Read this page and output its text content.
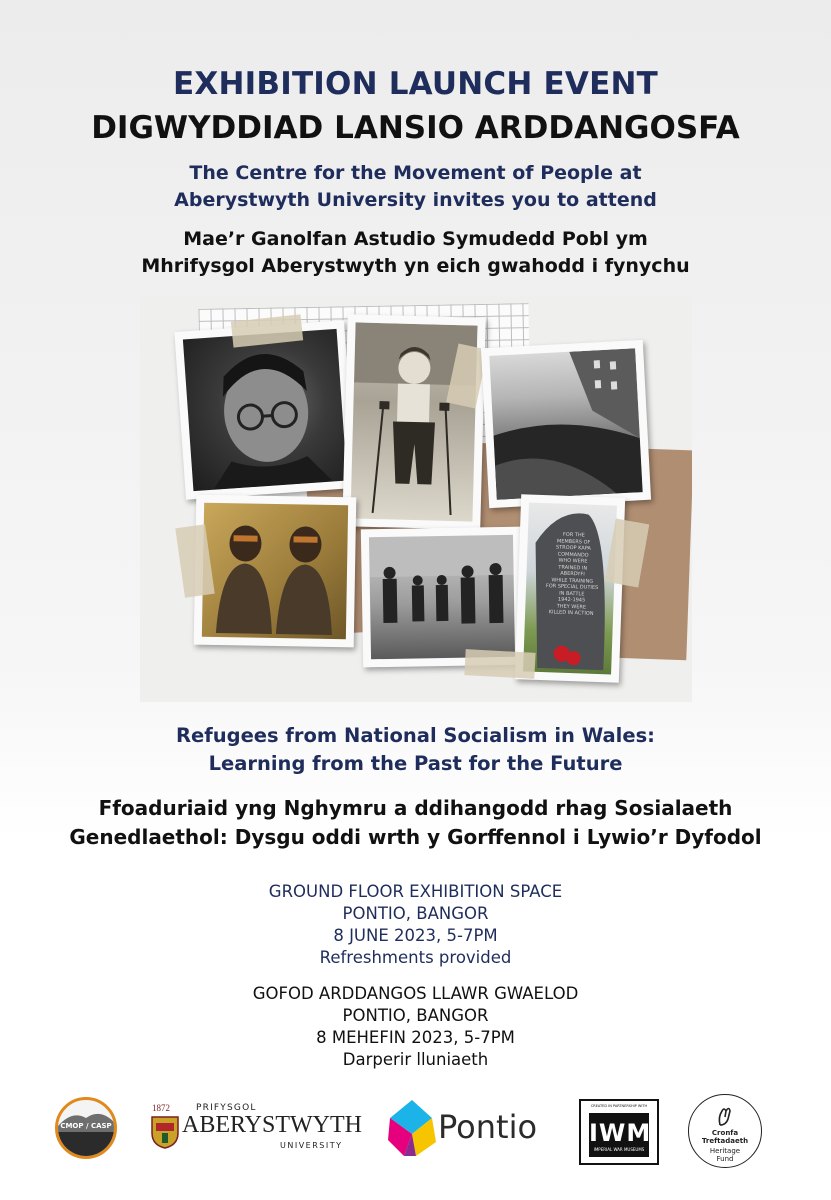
EXHIBITION LAUNCH EVENT
DIGWYDDIAD LANSIO ARDDANGOSFA
The Centre for the Movement of People at
Aberystwyth University invites you to attend
Mae’r Ganolfan Astudio Symudedd Pobl ym
Mhrifysgol Aberystwyth yn eich gwahodd i fynychu
FOR THE
MEMBERS OF
STROOP KAPA
COMMANDO
WHO WERE
TRAINED IN
ABERDYFI
WHILE TRAINING
FOR SPECIAL DUTIES
IN BATTLE
1942-1945
THEY WERE
KILLED IN ACTION
Refugees from National Socialism in Wales:
Learning from the Past for the Future
Ffoaduriaid yng Nghymru a ddihangodd rhag Sosialaeth
Genedlaethol: Dysgu oddi wrth y Gorffennol i Lywio’r Dyfodol
GROUND FLOOR EXHIBITION SPACE
PONTIO, BANGOR
8 JUNE 2023, 5-7PM
Refreshments provided
GOFOD ARDDANGOS LLAWR GWAELOD
PONTIO, BANGOR
8 MEHEFIN 2023, 5-7PM
Darperir lluniaeth
CMOP / CASP
1872	PRIFYSGOL
ABERYSTWYTH
UNIVERSITY	Pontio
CREATED IN PARTNERSHIP WITH
IWM
IMPERIAL WAR MUSEUMS
Cronfa Treftadaeth
Heritage Fund
